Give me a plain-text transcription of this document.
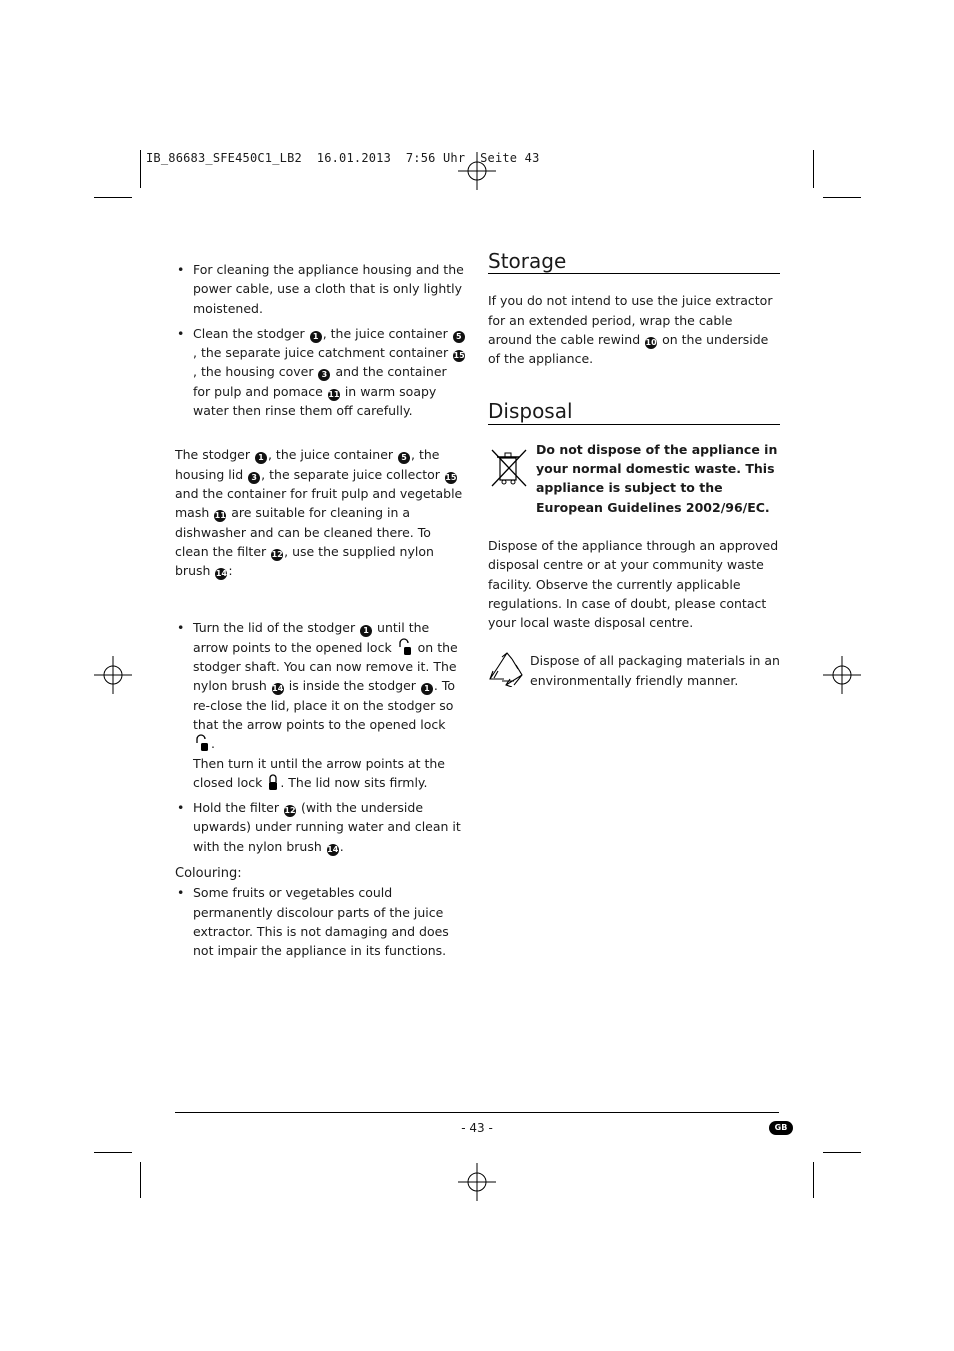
IB_86683_SFE450C1_LB2  16.01.2013  7:56 Uhr  Seite 43
• For cleaning the appliance housing and the power cable, use a cloth that is only lightly moistened.
• Clean the stodger 1 , the juice container 5, the separate juice catchment container 15, the housing cover 3 and the container for pulp and pomace 11 in warm soapy water then rinse them off carefully.

The stodger 1 , the juice container 5 , the housing lid 3 , the separate juice collector 15 and the container for fruit pulp and vegetable mash 11 are suitable for cleaning in a dishwasher and can be cleaned there. To clean the filter 12, use the supplied nylon brush 14:

• Turn the lid of the stodger 1 until the arrow points to the opened lock  on the stodger shaft. You can now remove it. The nylon brush 14 is inside the stodger 1 . To re-close the lid, place it on the stodger so that the arrow points to the opened lock .
Then turn it until the arrow points at the closed lock . The lid now sits firmly.
• Hold the filter 12 (with the underside upwards) under running water and clean it with the nylon brush 14.

Colouring:

• Some fruits or vegetables could permanently discolour parts of the juice extractor. This is not damaging and does not impair the appliance in its functions.
Storage

If you do not intend to use the juice extractor for an extended period, wrap the cable around the cable rewind 10 on the underside of the appliance.

Disposal

Do not dispose of the appliance in your normal domestic waste. This appliance is subject to the European Guidelines 2002/96/EC.

Dispose of the appliance through an approved disposal centre or at your community waste facility. Observe the currently applicable regulations. In case of doubt, please contact your local waste disposal centre.

Dispose of all packaging materials in an environmentally friendly manner.

- 43 -	GB
